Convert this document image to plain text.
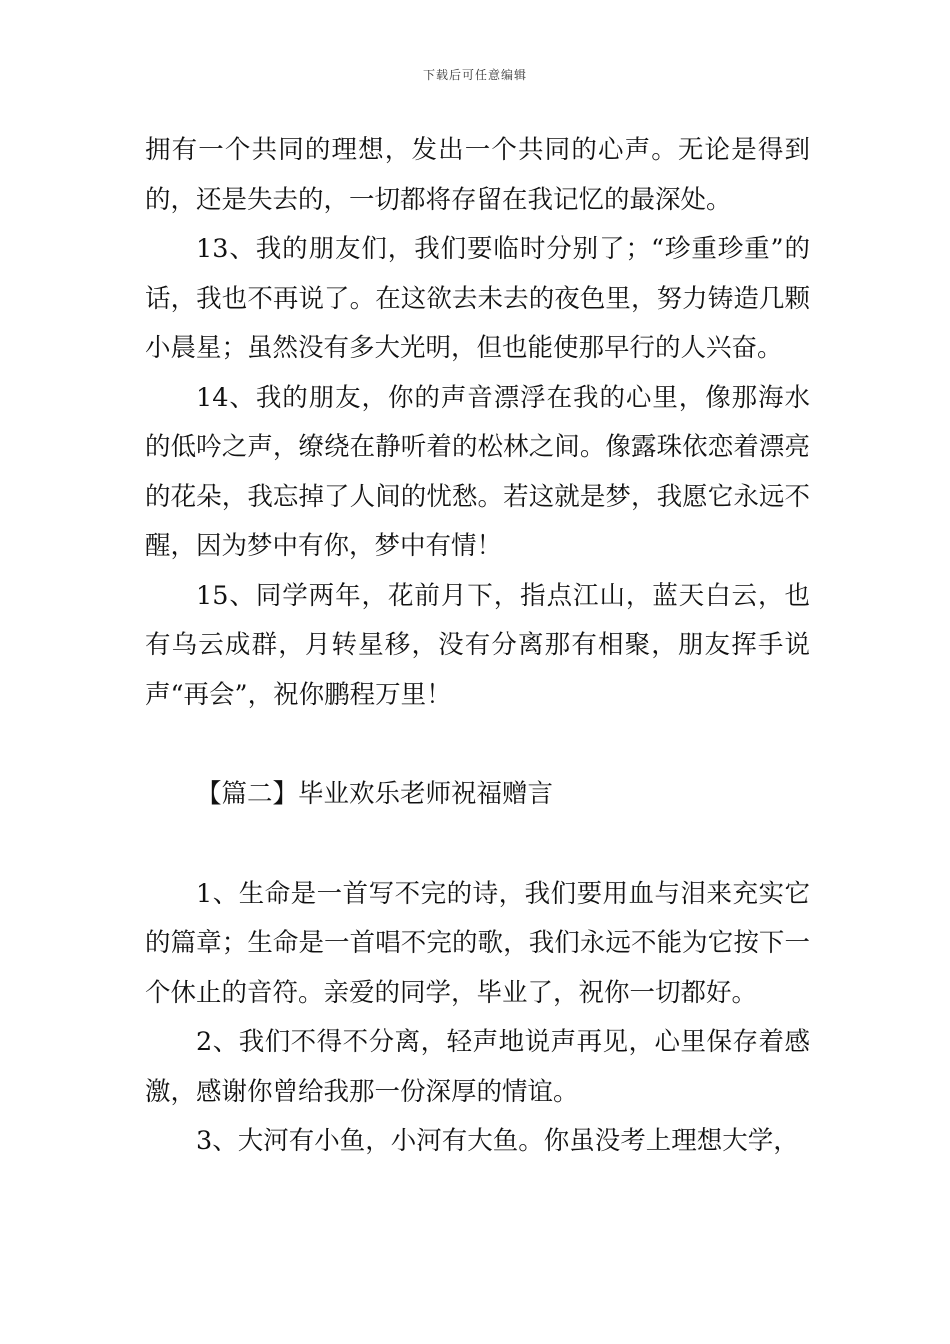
下载后可任意编辑

拥有一个共同的理想，发出一个共同的心声。无论是得到的，还是失去的，一切都将存留在我记忆的最深处。

13、我的朋友们，我们要临时分别了；“珍重珍重”的话，我也不再说了。在这欲去未去的夜色里，努力铸造几颗小晨星；虽然没有多大光明，但也能使那早行的人兴奋。

14、我的朋友，你的声音漂浮在我的心里，像那海水的低吟之声，缭绕在静听着的松林之间。像露珠依恋着漂亮的花朵，我忘掉了人间的忧愁。若这就是梦，我愿它永远不醒，因为梦中有你，梦中有情！

15、同学两年，花前月下，指点江山，蓝天白云，也有乌云成群，月转星移，没有分离那有相聚，朋友挥手说声“再会”，祝你鹏程万里！

【篇二】毕业欢乐老师祝福赠言

1、生命是一首写不完的诗，我们要用血与泪来充实它的篇章；生命是一首唱不完的歌，我们永远不能为它按下一个休止的音符。亲爱的同学，毕业了，祝你一切都好。

2、我们不得不分离，轻声地说声再见，心里保存着感激，感谢你曾给我那一份深厚的情谊。

3、大河有小鱼，小河有大鱼。你虽没考上理想大学，
